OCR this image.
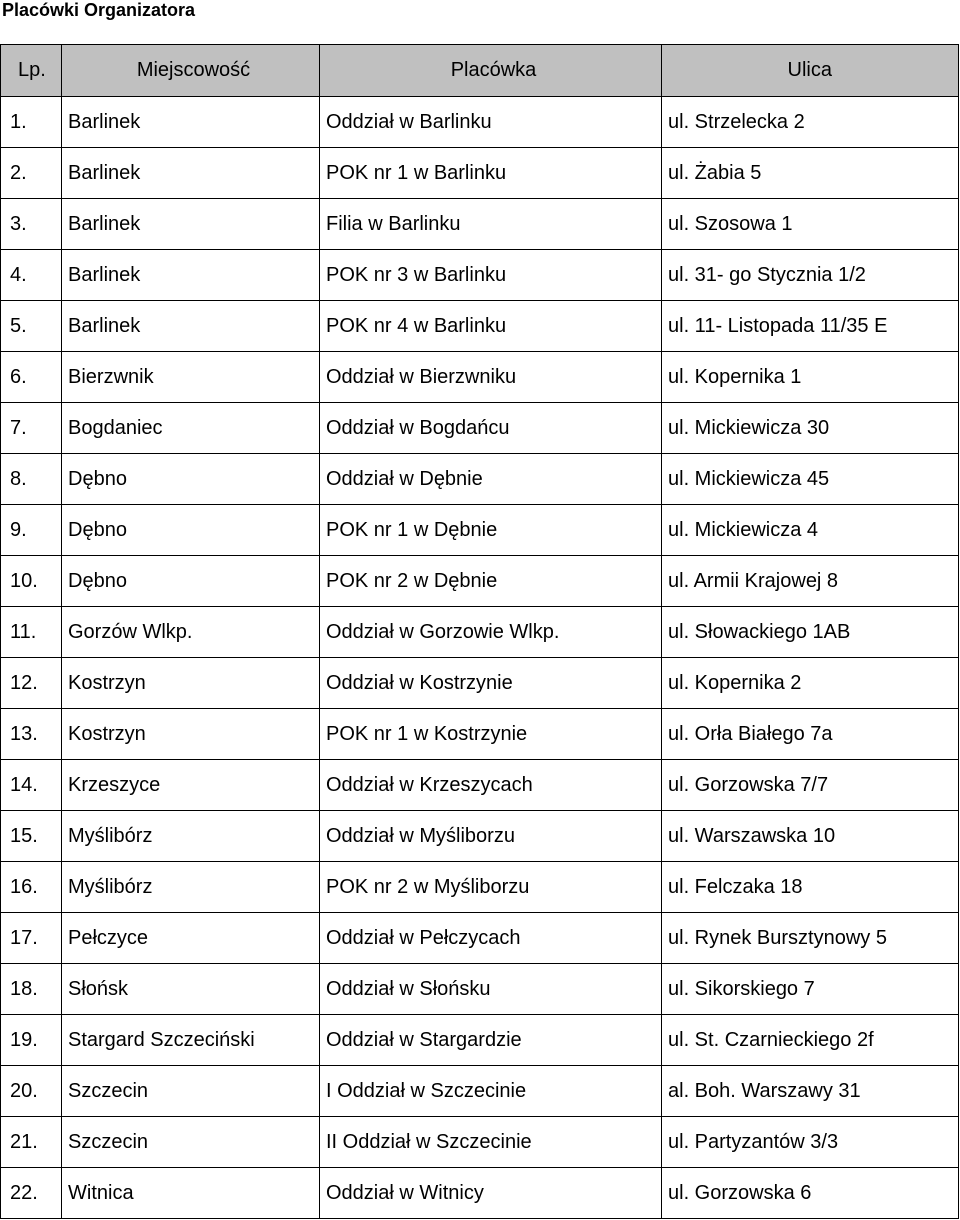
Placówki Organizatora
Lp.	Miejscowość	Placówka	Ulica
1.	Barlinek	Oddział w Barlinku	ul. Strzelecka 2
2.	Barlinek	POK nr 1 w Barlinku	ul. Żabia 5
3.	Barlinek	Filia w Barlinku	ul. Szosowa 1
4.	Barlinek	POK nr 3 w Barlinku	ul. 31- go Stycznia 1/2
5.	Barlinek	POK nr 4 w Barlinku	ul. 11- Listopada 11/35 E
6.	Bierzwnik	Oddział w Bierzwniku	ul. Kopernika 1
7.	Bogdaniec	Oddział w Bogdańcu	ul. Mickiewicza 30
8.	Dębno	Oddział w Dębnie	ul. Mickiewicza 45
9.	Dębno	POK nr 1 w Dębnie	ul. Mickiewicza 4
10.	Dębno	POK nr 2 w Dębnie	ul. Armii Krajowej 8
11.	Gorzów Wlkp.	Oddział w Gorzowie Wlkp.	ul. Słowackiego 1AB
12.	Kostrzyn	Oddział w Kostrzynie	ul. Kopernika 2
13.	Kostrzyn	POK nr 1 w Kostrzynie	ul. Orła Białego 7a
14.	Krzeszyce	Oddział w Krzeszycach	ul. Gorzowska 7/7
15.	Myślibórz	Oddział w Myśliborzu	ul. Warszawska 10
16.	Myślibórz	POK nr 2 w Myśliborzu	ul. Felczaka 18
17.	Pełczyce	Oddział w Pełczycach	ul. Rynek Bursztynowy 5
18.	Słońsk	Oddział w Słońsku	ul. Sikorskiego 7
19.	Stargard Szczeciński	Oddział w Stargardzie	ul. St. Czarnieckiego 2f
20.	Szczecin	I Oddział w Szczecinie	al. Boh. Warszawy 31
21.	Szczecin	II Oddział w Szczecinie	ul. Partyzantów 3/3
22.	Witnica	Oddział w Witnicy	ul. Gorzowska 6
